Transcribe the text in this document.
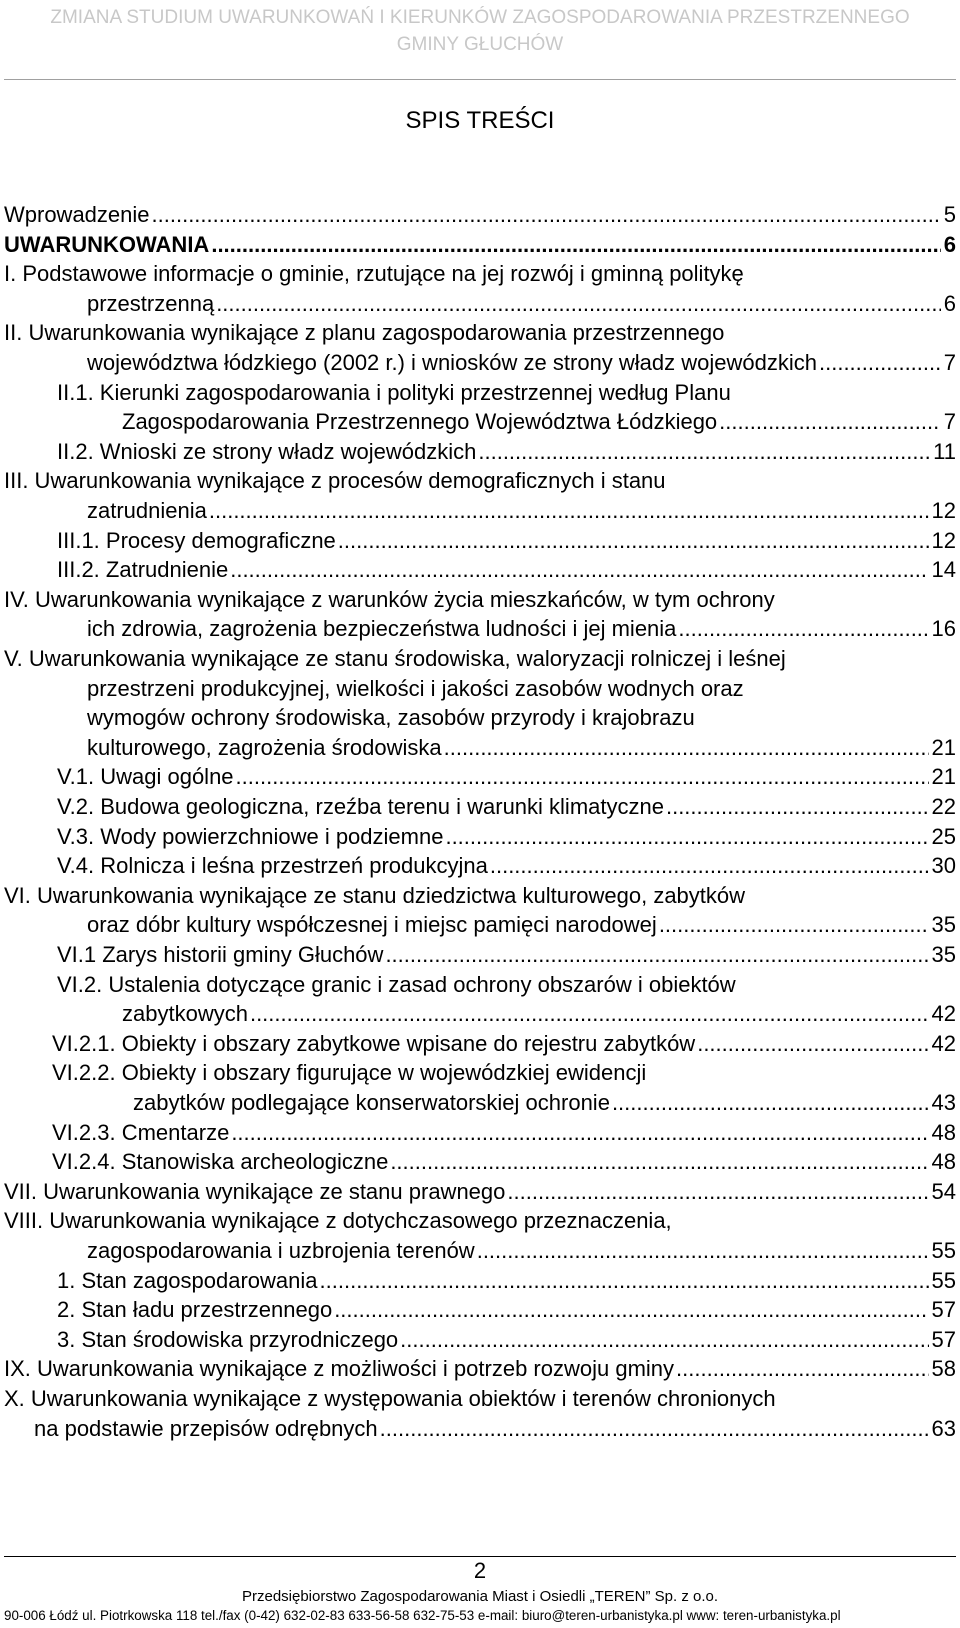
ZMIANA STUDIUM UWARUNKOWAŃ I KIERUNKÓW ZAGOSPODAROWANIA PRZESTRZENNEGO
GMINY GŁUCHÓW
SPIS TREŚCI
Wprowadzenie .....	5
UWARUNKOWANIA .....	6
I. Podstawowe informacje o gminie, rzutujące na jej rozwój i gminną politykę
przestrzenną .....	6
II. Uwarunkowania wynikające z planu zagospodarowania przestrzennego
województwa łódzkiego (2002 r.) i wniosków ze strony władz wojewódzkich .....	7
II.1. Kierunki zagospodarowania i polityki przestrzennej według Planu
Zagospodarowania Przestrzennego Województwa Łódzkiego .....	7
II.2. Wnioski ze strony władz wojewódzkich .....	11
III. Uwarunkowania wynikające z procesów demograficznych i stanu
zatrudnienia .....	12
III.1. Procesy demograficzne .....	12
III.2. Zatrudnienie .....	14
IV. Uwarunkowania wynikające z warunków życia mieszkańców, w tym ochrony
ich zdrowia, zagrożenia bezpieczeństwa ludności i jej mienia .....	16
V. Uwarunkowania wynikające ze stanu środowiska, waloryzacji rolniczej i leśnej
przestrzeni produkcyjnej, wielkości i jakości zasobów wodnych oraz
wymogów ochrony środowiska, zasobów przyrody i krajobrazu
kulturowego, zagrożenia środowiska .....	21
V.1. Uwagi ogólne .....	21
V.2. Budowa geologiczna, rzeźba terenu i warunki klimatyczne .....	22
V.3. Wody powierzchniowe i podziemne .....	25
V.4. Rolnicza i leśna przestrzeń produkcyjna .....	30
VI. Uwarunkowania wynikające ze stanu dziedzictwa kulturowego, zabytków
oraz dóbr kultury współczesnej i miejsc pamięci narodowej .....	35
VI.1 Zarys historii gminy Głuchów .....	35
VI.2. Ustalenia dotyczące granic i zasad ochrony obszarów i obiektów
zabytkowych .....	42
VI.2.1. Obiekty i obszary zabytkowe wpisane do rejestru zabytków .....	42
VI.2.2. Obiekty i obszary figurujące w wojewódzkiej ewidencji
zabytków podlegające konserwatorskiej ochronie .....	43
VI.2.3. Cmentarze .....	48
VI.2.4. Stanowiska archeologiczne .....	48
VII. Uwarunkowania wynikające ze stanu prawnego .....	54
VIII. Uwarunkowania wynikające z dotychczasowego przeznaczenia,
zagospodarowania i uzbrojenia terenów .....	55
1. Stan zagospodarowania .....	55
2. Stan ładu przestrzennego .....	57
3. Stan środowiska przyrodniczego .....	57
IX. Uwarunkowania wynikające z możliwości i potrzeb rozwoju gminy .....	58
X. Uwarunkowania wynikające z występowania obiektów i terenów chronionych
na podstawie przepisów odrębnych .....	63
2
Przedsiębiorstwo Zagospodarowania Miast i Osiedli „TEREN” Sp. z o.o.
90-006 Łódź ul. Piotrkowska 118 tel./fax (0-42) 632-02-83 633-56-58 632-75-53 e-mail: biuro@teren-urbanistyka.pl www: teren-urbanistyka.pl
